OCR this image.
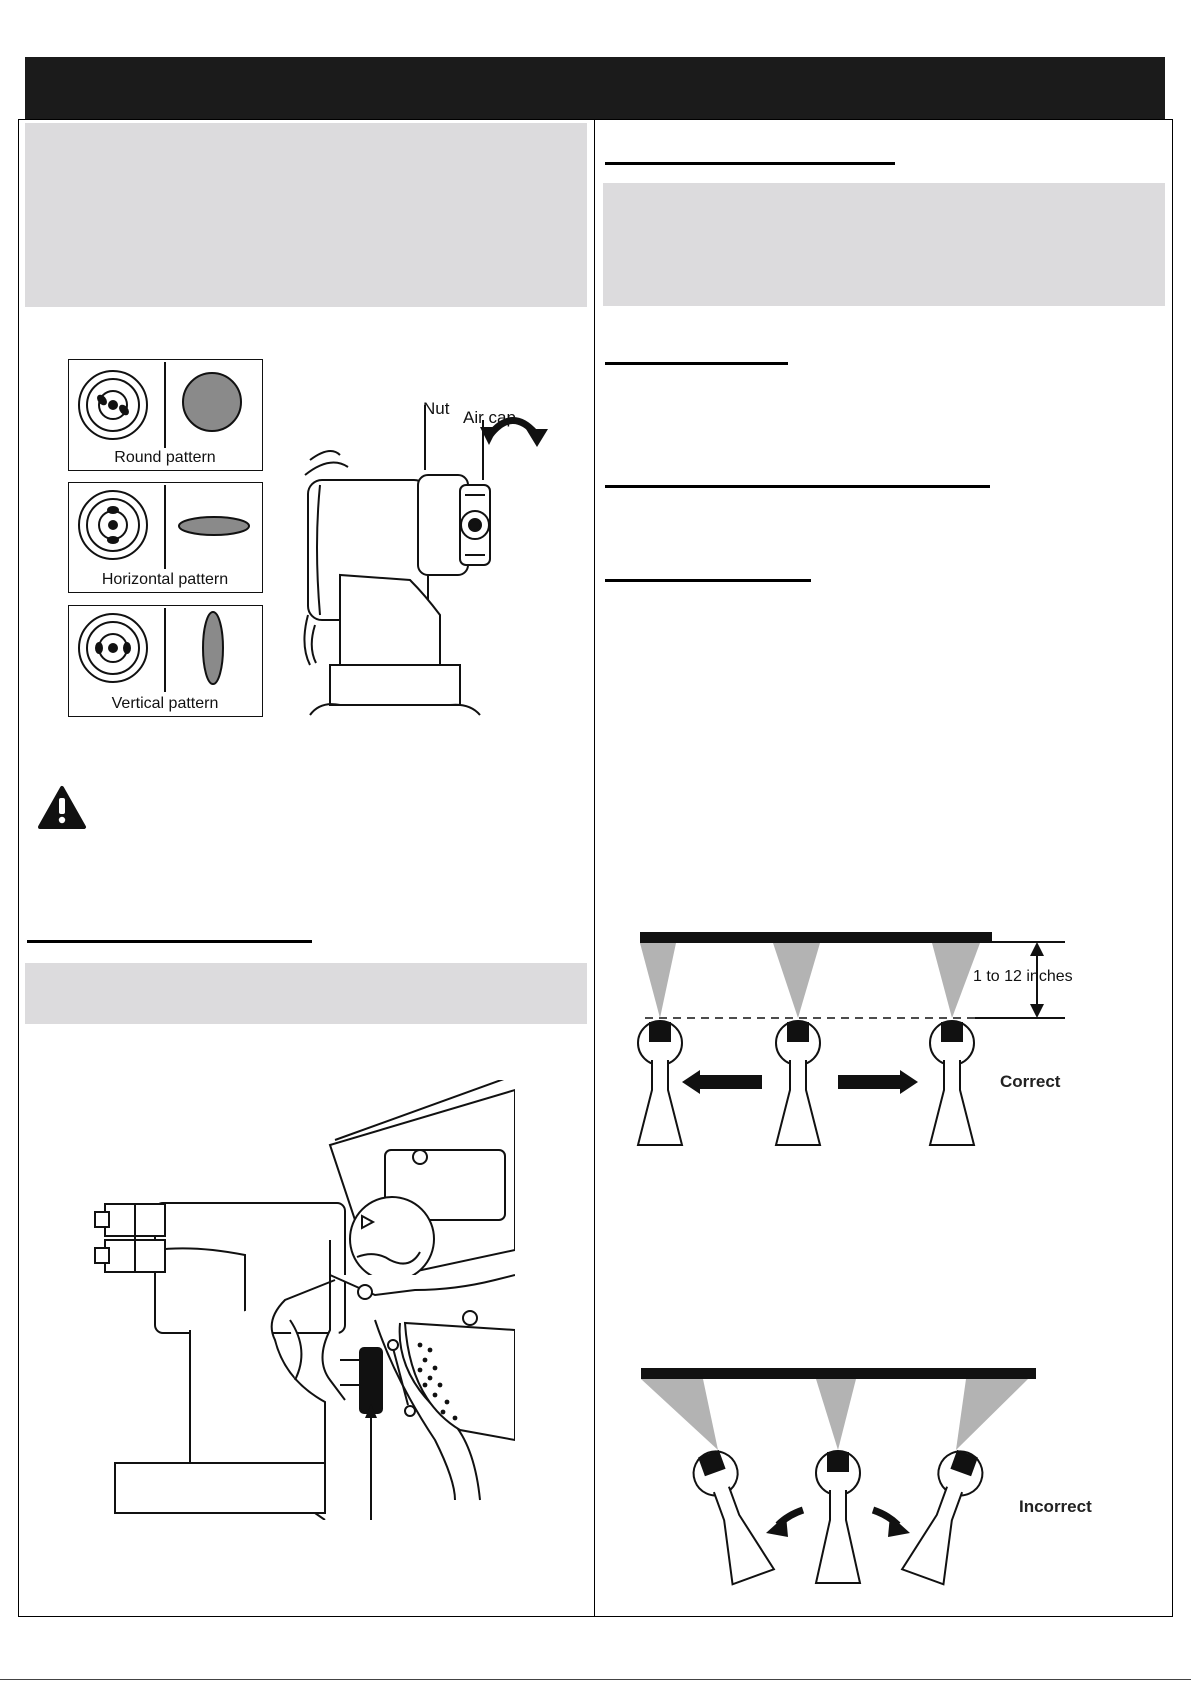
Round pattern
Horizontal pattern
Vertical pattern
Nut Air cap
1 to 12 inches
Correct
Incorrect
